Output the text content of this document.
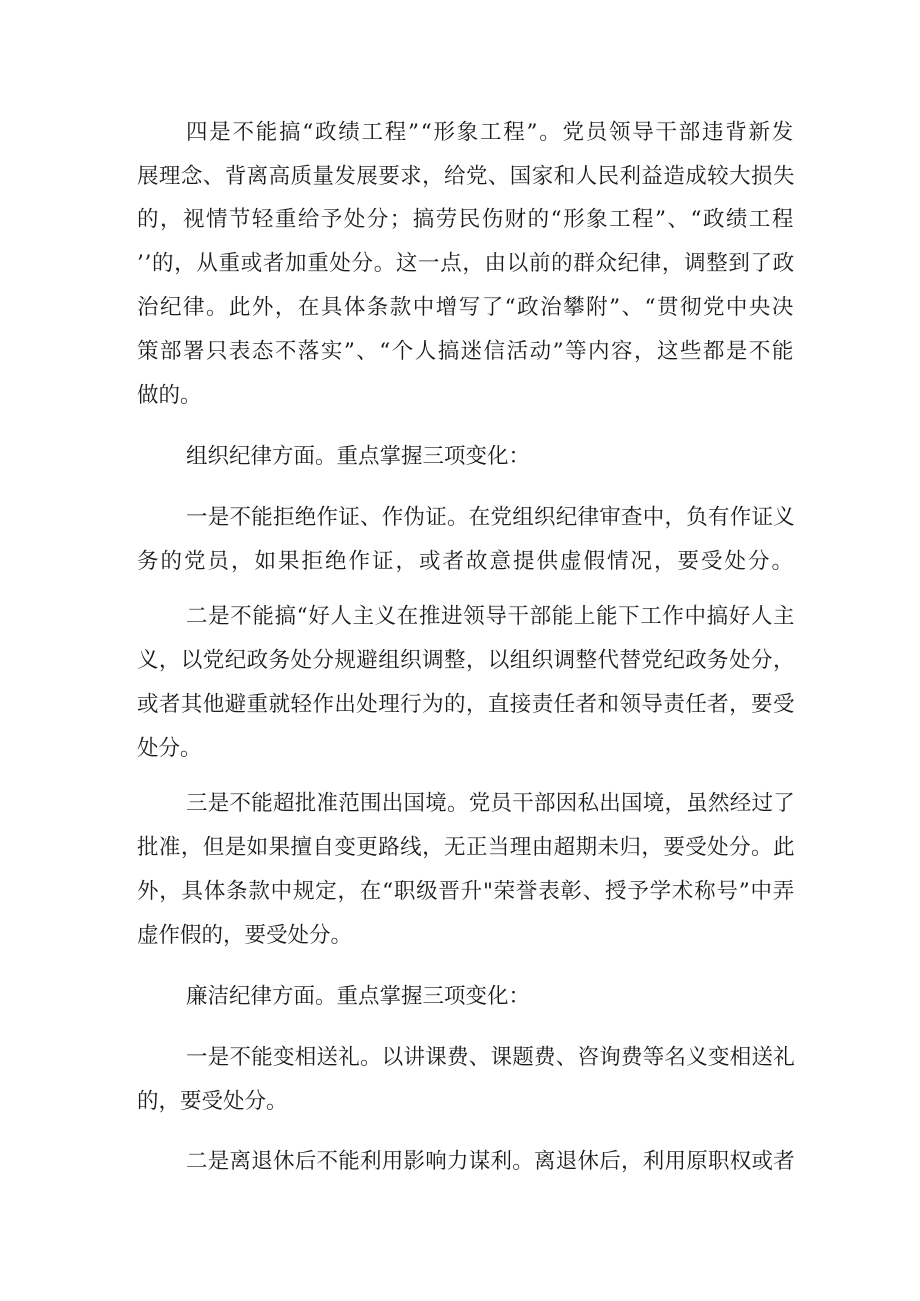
四是不能搞“政绩工程”“形象工程”。党员领导干部违背新发

展理念、背离高质量发展要求，给党、国家和人民利益造成较大损失

的，视情节轻重给予处分；搞劳民伤财的“形象工程”、“政绩工程

’’的，从重或者加重处分。这一点，由以前的群众纪律，调整到了政

治纪律。此外，在具体条款中增写了“政治攀附”、“贯彻党中央决

策部署只表态不落实”、“个人搞迷信活动”等内容，这些都是不能

做的。

组织纪律方面。重点掌握三项变化：

一是不能拒绝作证、作伪证。在党组织纪律审查中，负有作证义

务的党员，如果拒绝作证，或者故意提供虚假情况，要受处分。

二是不能搞“好人主义在推进领导干部能上能下工作中搞好人主

义，以党纪政务处分规避组织调整，以组织调整代替党纪政务处分，

或者其他避重就轻作出处理行为的，直接责任者和领导责任者，要受

处分。

三是不能超批准范围出国境。党员干部因私出国境，虽然经过了

批准，但是如果擅自变更路线，无正当理由超期未归，要受处分。此

外，具体条款中规定，在“职级晋升"荣誉表彰、授予学术称号”中弄

虚作假的，要受处分。

廉洁纪律方面。重点掌握三项变化：

一是不能变相送礼。以讲课费、课题费、咨询费等名义变相送礼

的，要受处分。

二是离退休后不能利用影响力谋利。离退休后，利用原职权或者
